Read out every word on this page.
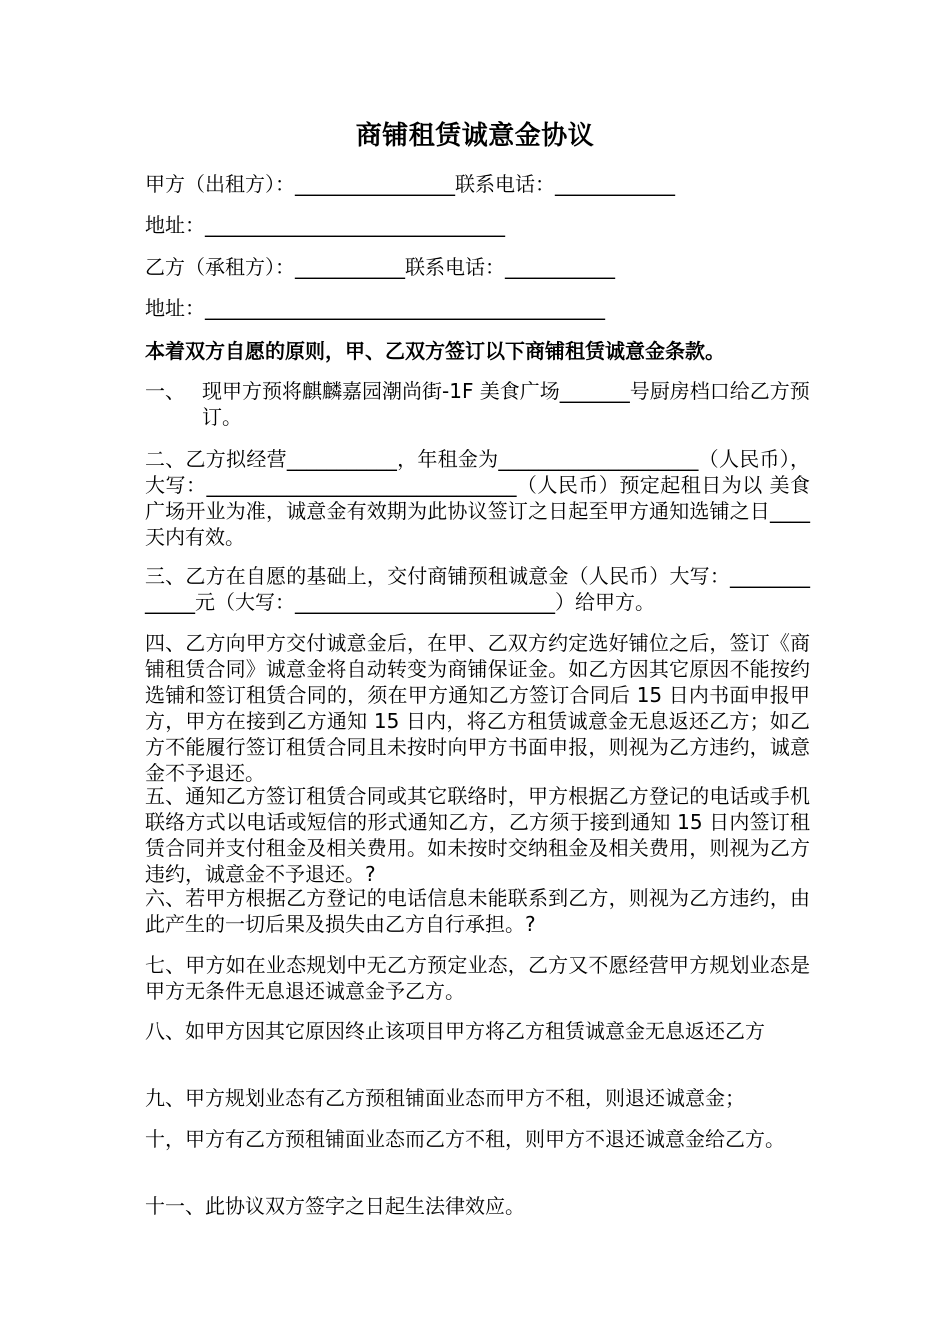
商铺租赁诚意金协议
甲方（出租方）：________________联系电话：____________
地址：______________________________
乙方（承租方）：___________联系电话：___________
地址：________________________________________
本着双方自愿的原则，甲、乙双方签订以下商铺租赁诚意金条款。
一、 现甲方预将麒麟嘉园潮尚街-1F 美食广场_______号厨房档口给乙方预订。
二、乙方拟经营___________，年租金为____________________（人民币），大写：_______________________________（人民币）预定起租日为以 美食广场开业为准，诚意金有效期为此协议签订之日起至甲方通知选铺之日____天内有效。
三、乙方在自愿的基础上，交付商铺预租诚意金（人民币）大写：_____________元（大写：__________________________）给甲方。
四、乙方向甲方交付诚意金后，在甲、乙双方约定选好铺位之后，签订《商铺租赁合同》诚意金将自动转变为商铺保证金。如乙方因其它原因不能按约选铺和签订租赁合同的，须在甲方通知乙方签订合同后 15 日内书面申报甲方，甲方在接到乙方通知 15 日内，将乙方租赁诚意金无息返还乙方；如乙方不能履行签订租赁合同且未按时向甲方书面申报，则视为乙方违约，诚意金不予退还。
五、通知乙方签订租赁合同或其它联络时，甲方根据乙方登记的电话或手机联络方式以电话或短信的形式通知乙方，乙方须于接到通知 15 日内签订租赁合同并支付租金及相关费用。如未按时交纳租金及相关费用，则视为乙方违约，诚意金不予退还。?
六、若甲方根据乙方登记的电话信息未能联系到乙方，则视为乙方违约，由此产生的一切后果及损失由乙方自行承担。?
七、甲方如在业态规划中无乙方预定业态，乙方又不愿经营甲方规划业态是甲方无条件无息退还诚意金予乙方。
八、如甲方因其它原因终止该项目甲方将乙方租赁诚意金无息返还乙方
九、甲方规划业态有乙方预租铺面业态而甲方不租，则退还诚意金；
十，甲方有乙方预租铺面业态而乙方不租，则甲方不退还诚意金给乙方。
十一、此协议双方签字之日起生法律效应。
